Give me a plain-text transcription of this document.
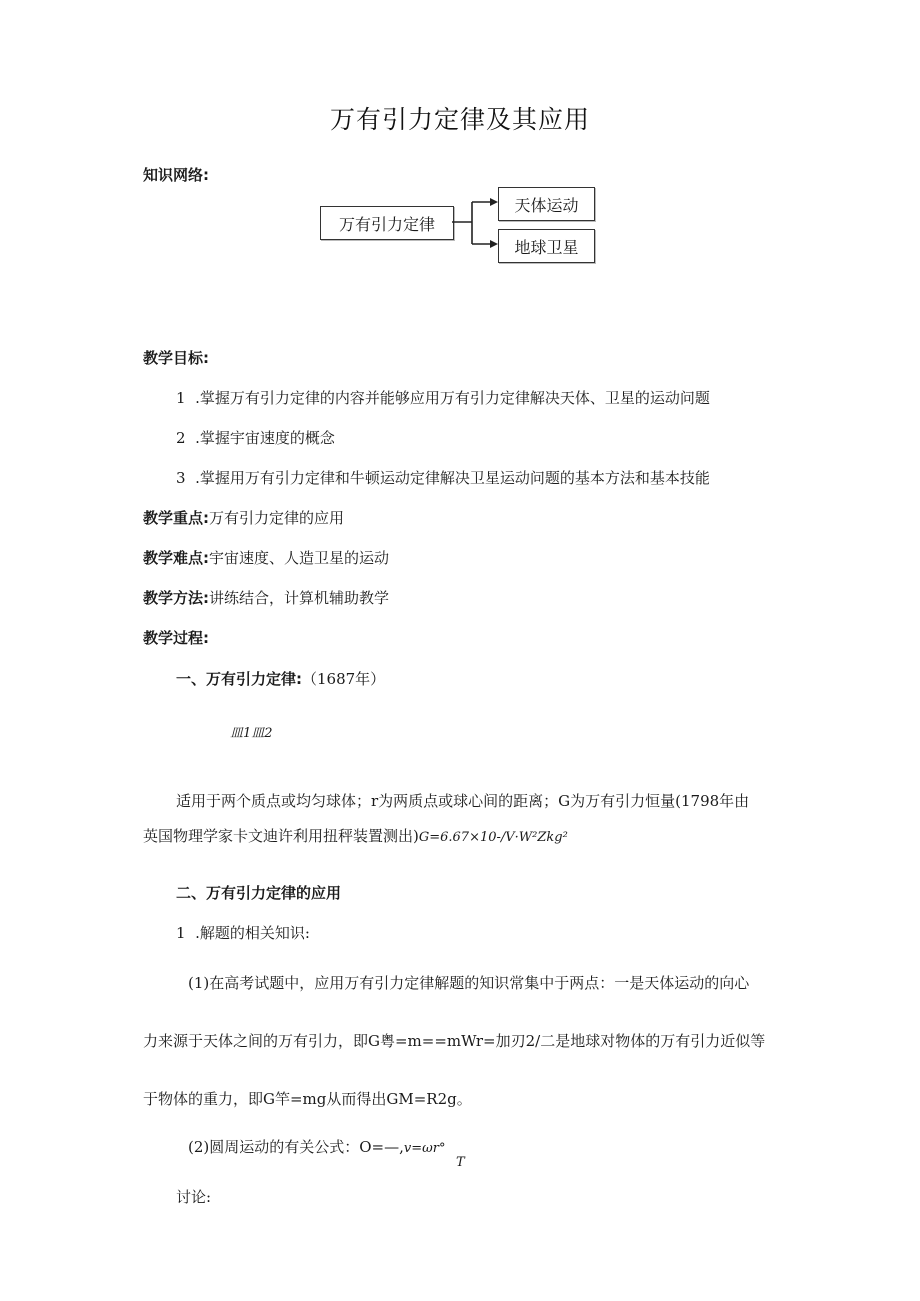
万有引力定律及其应用
知识网络:
万有引力定律
天体运动
地球卫星
教学目标:
1 .掌握万有引力定律的内容并能够应用万有引力定律解决天体、卫星的运动问题
2 .掌握宇宙速度的概念
3 .掌握用万有引力定律和牛顿运动定律解决卫星运动问题的基本方法和基本技能
教学重点:万有引力定律的应用
教学难点:宇宙速度、人造卫星的运动
教学方法:讲练结合，计算机辅助教学
教学过程:
一、万有引力定律:（1687年）
皿1皿2
适用于两个质点或均匀球体；r为两质点或球心间的距离；G为万有引力恒量(1798年由
英国物理学家卡文迪许利用扭秤装置测出)G=6.67×10-/V·W²Zkg²
二、万有引力定律的应用
1 .解题的相关知识:
(1)在高考试题中，应用万有引力定律解题的知识常集中于两点：一是天体运动的向心
力来源于天体之间的万有引力，即G粤=m==mWr=加刃2/二是地球对物体的万有引力近似等
于物体的重力，即G竿=mg从而得出GM=R2g。
(2)圆周运动的有关公式：O=—,v=ωr°
T
讨论:
